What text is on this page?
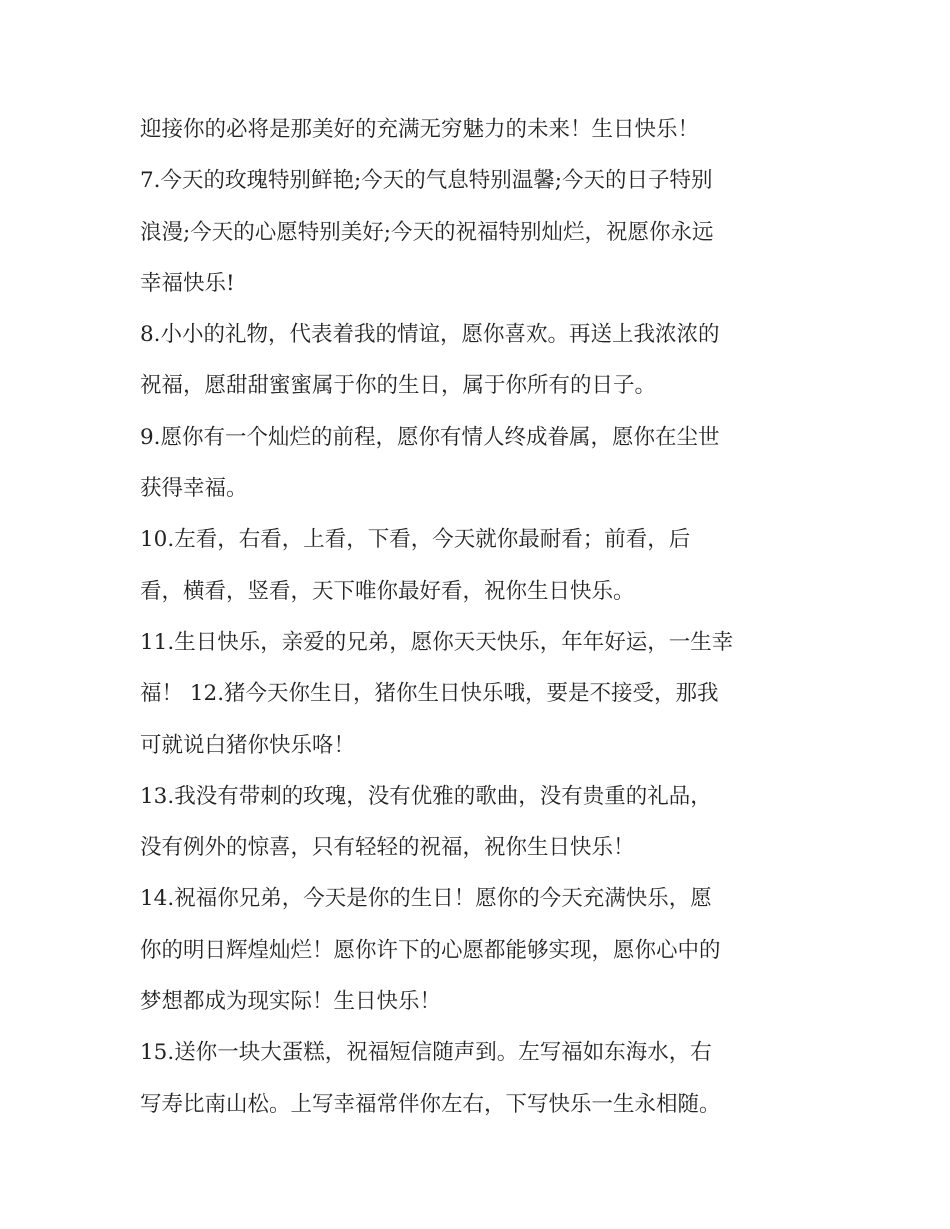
迎接你的必将是那美好的充满无穷魅力的未来！生日快乐！
7.今天的玫瑰特别鲜艳;今天的气息特别温馨;今天的日子特别
浪漫;今天的心愿特别美好;今天的祝福特别灿烂，祝愿你永远
幸福快乐!
8.小小的礼物，代表着我的情谊，愿你喜欢。再送上我浓浓的
祝福，愿甜甜蜜蜜属于你的生日，属于你所有的日子。
9.愿你有一个灿烂的前程，愿你有情人终成眷属，愿你在尘世
获得幸福。
10.左看，右看，上看，下看，今天就你最耐看；前看，后
看，横看，竖看，天下唯你最好看，祝你生日快乐。
11.生日快乐，亲爱的兄弟，愿你天天快乐，年年好运，一生幸
福！ 12.猪今天你生日，猪你生日快乐哦，要是不接受，那我
可就说白猪你快乐咯！
13.我没有带刺的玫瑰，没有优雅的歌曲，没有贵重的礼品，
没有例外的惊喜，只有轻轻的祝福，祝你生日快乐！
14.祝福你兄弟，今天是你的生日！愿你的今天充满快乐，愿
你的明日辉煌灿烂！愿你许下的心愿都能够实现，愿你心中的
梦想都成为现实际！生日快乐！
15.送你一块大蛋糕，祝福短信随声到。左写福如东海水，右
写寿比南山松。上写幸福常伴你左右，下写快乐一生永相随。
